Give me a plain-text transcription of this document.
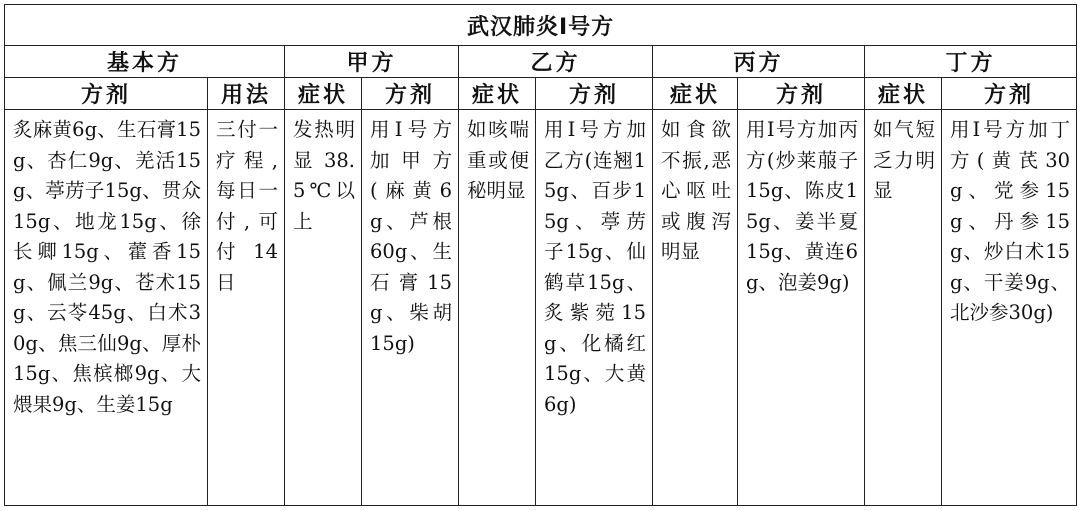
武汉肺炎Ⅰ号方									
基本方		甲方		乙方		丙方		丁方	
方剂	用法	症状	方剂	症状	方剂	症状	方剂	症状	方剂
炙麻黄6g、生石膏15g、杏仁9g、羌活15g、葶苈子15g、贯众15g、地龙15g、徐长卿15g、藿香15g、佩兰9g、苍术15g、云苓45g、白术30g、焦三仙9g、厚朴15g、焦槟榔9g、大煨果9g、生姜15g	三付一疗程,每日一付,可付14日	发热明显38.5℃以上	用Ⅰ号方加甲方(麻黄6g、芦根60g、生石膏15g、柴胡15g)	如咳喘重或便秘明显	用Ⅰ号方加乙方(连翘15g、百步15g、葶苈子15g、仙鹤草15g、炙紫菀15g、化橘红15g、大黄6g)	如食欲不振,恶心呕吐或腹泻明显	用Ⅰ号方加丙方(炒莱菔子15g、陈皮15g、姜半夏15g、黄连6g、泡姜9g)	如气短乏力明显	用Ⅰ号方加丁方(黄芪30g、党参15g、丹参15g、炒白术15g、干姜9g、北沙参30g)
